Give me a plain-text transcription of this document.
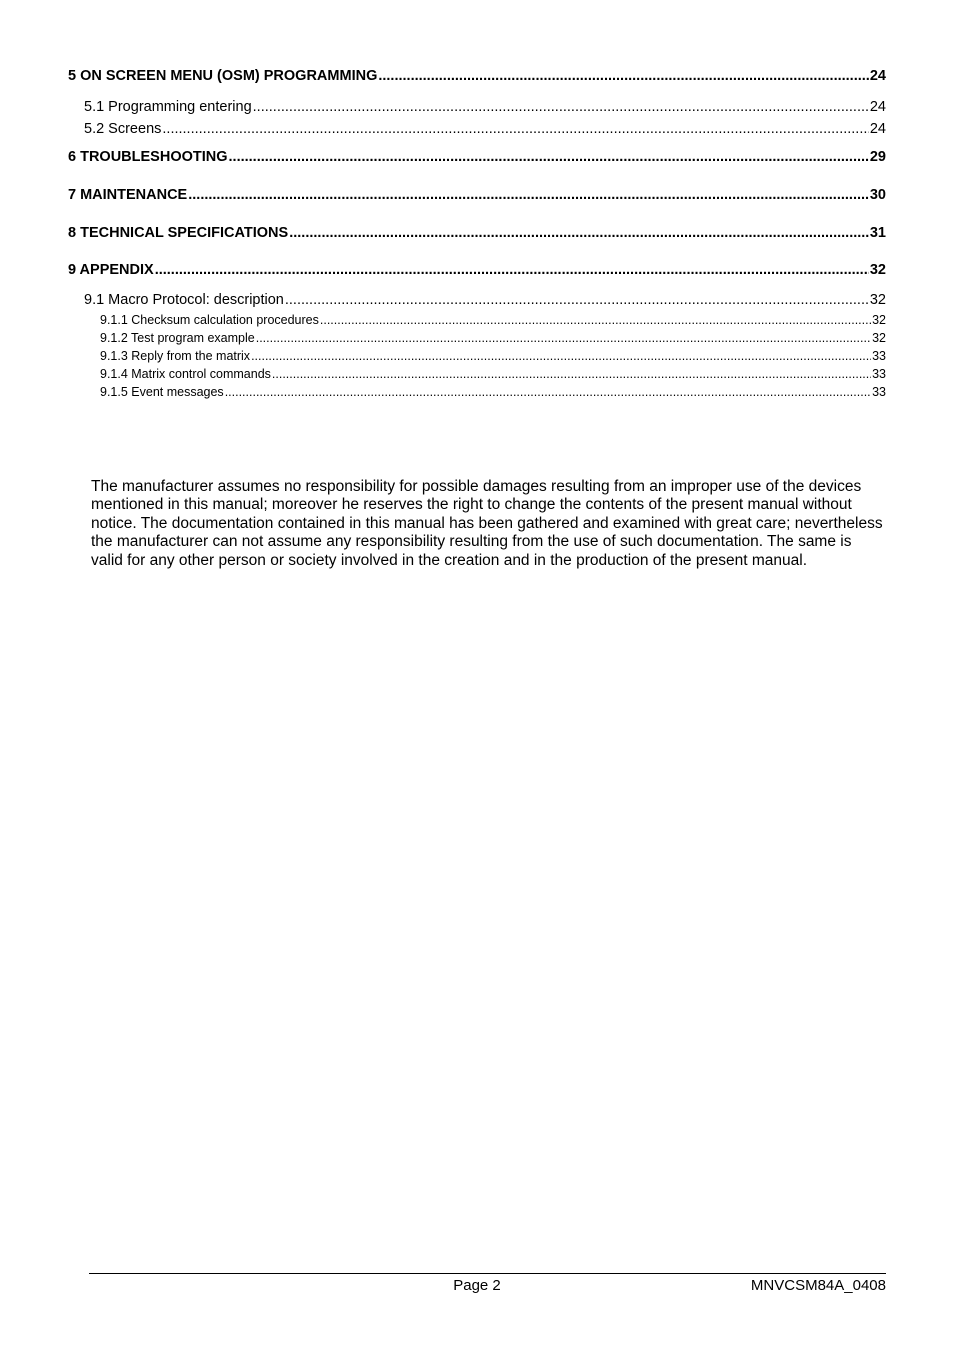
5 ON SCREEN MENU (OSM) PROGRAMMING .....	24
5.1 Programming entering .....	24
5.2 Screens .....	24
6 TROUBLESHOOTING .....	29
7 MAINTENANCE .....	30
8 TECHNICAL SPECIFICATIONS .....	31
9 APPENDIX .....	32
9.1 Macro Protocol: description .....	32
9.1.1 Checksum calculation procedures .....	32
9.1.2 Test program example .....	32
9.1.3 Reply from the matrix .....	33
9.1.4 Matrix control commands .....	33
9.1.5 Event messages .....	33

The manufacturer assumes no responsibility for possible damages resulting from an improper use of the devices mentioned in this manual; moreover he reserves the right to change the contents of the present manual without notice. The documentation contained in this manual has been gathered and examined with great care; nevertheless the manufacturer can not assume any responsibility resulting from the use of such documentation. The same is valid for any other person or society involved in the creation and in the production of the present manual.

Page 2	MNVCSM84A_0408
